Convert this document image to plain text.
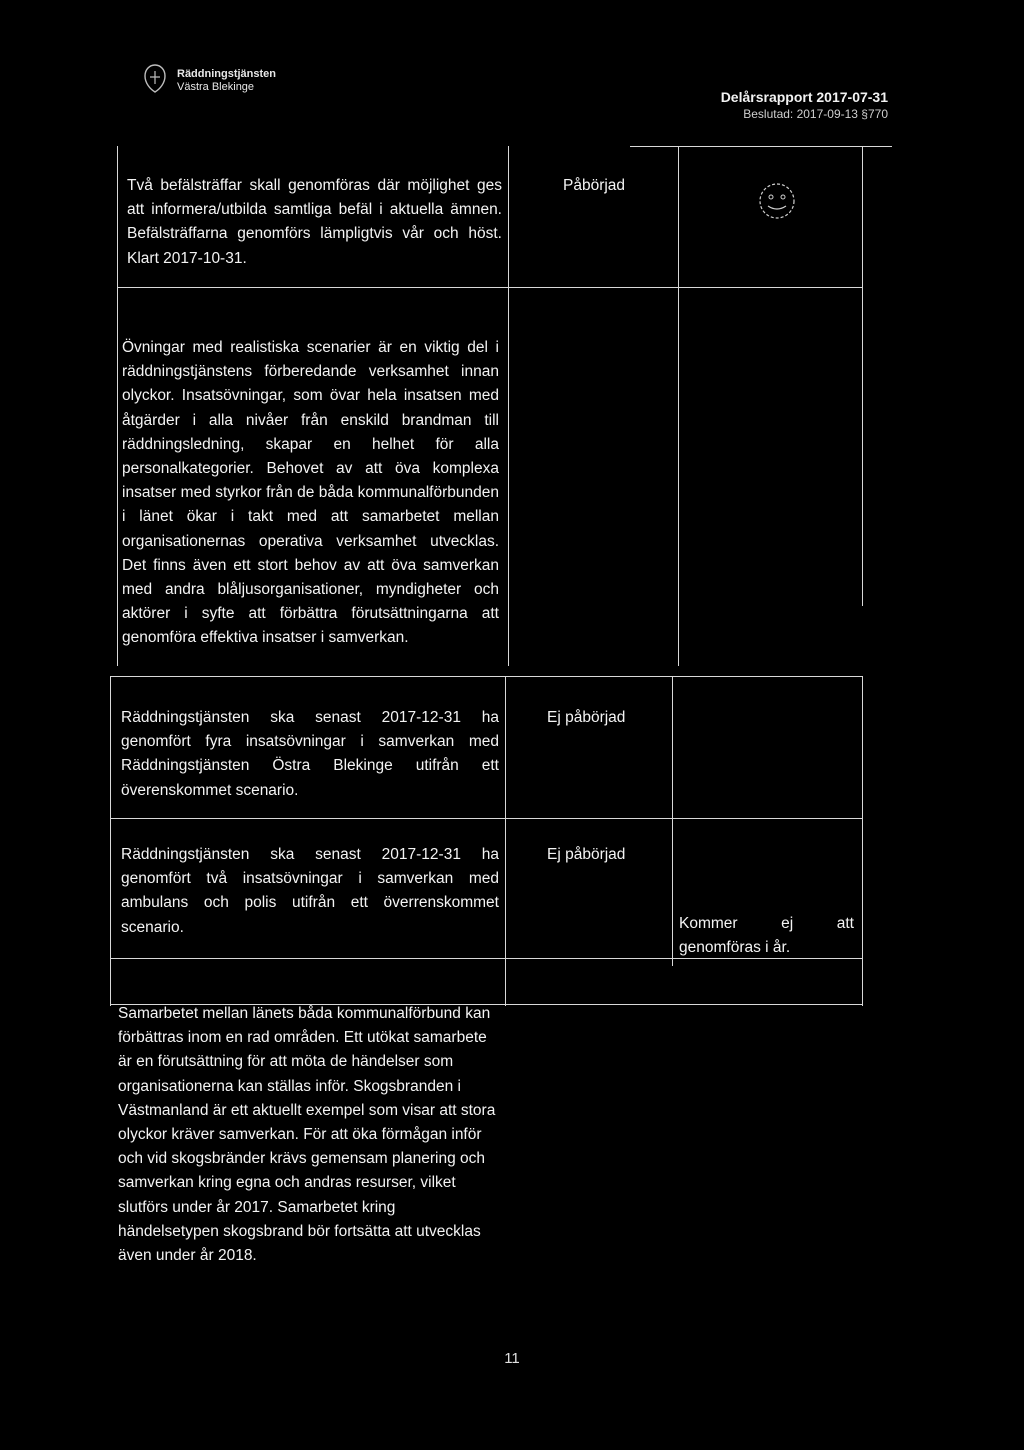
Räddningstjänsten
Västra Blekinge
Delårsrapport 2017-07-31
Beslutad: 2017-09-13 §770
Två befälsträffar skall genomföras där möjlighet ges att informera/utbilda samtliga befäl i aktuella ämnen. Befälsträffarna genomförs lämpligtvis vår och höst. Klart 2017-10-31.
Påbörjad
Övningar med realistiska scenarier är en viktig del i räddningstjänstens förberedande verksamhet innan olyckor. Insatsövningar, som övar hela insatsen med åtgärder i alla nivåer från enskild brandman till räddningsledning, skapar en helhet för alla personalkategorier. Behovet av att öva komplexa insatser med styrkor från de båda kommunalförbunden i länet ökar i takt med att samarbetet mellan organisationernas operativa verksamhet utvecklas. Det finns även ett stort behov av att öva samverkan med andra blåljusorganisationer, myndigheter och aktörer i syfte att förbättra förutsättningarna att genomföra effektiva insatser i samverkan.
Räddningstjänsten ska senast 2017-12-31 ha genomfört fyra insatsövningar i samverkan med Räddningstjänsten Östra Blekinge utifrån ett överenskommet scenario.
Ej påbörjad
Räddningstjänsten ska senast 2017-12-31 ha genomfört två insatsövningar i samverkan med ambulans och polis utifrån ett överrenskommet scenario.
Ej påbörjad
Kommer ej att genomföras i år.
Samarbetet mellan länets båda kommunalförbund kan förbättras inom en rad områden. Ett utökat samarbete är en förutsättning för att möta de händelser som organisationerna kan ställas inför. Skogsbranden i Västmanland är ett aktuellt exempel som visar att stora olyckor kräver samverkan. För att öka förmågan inför och vid skogsbränder krävs gemensam planering och samverkan kring egna och andras resurser, vilket slutförs under år 2017. Samarbetet kring händelsetypen skogsbrand bör fortsätta att utvecklas även under år 2018.
11
